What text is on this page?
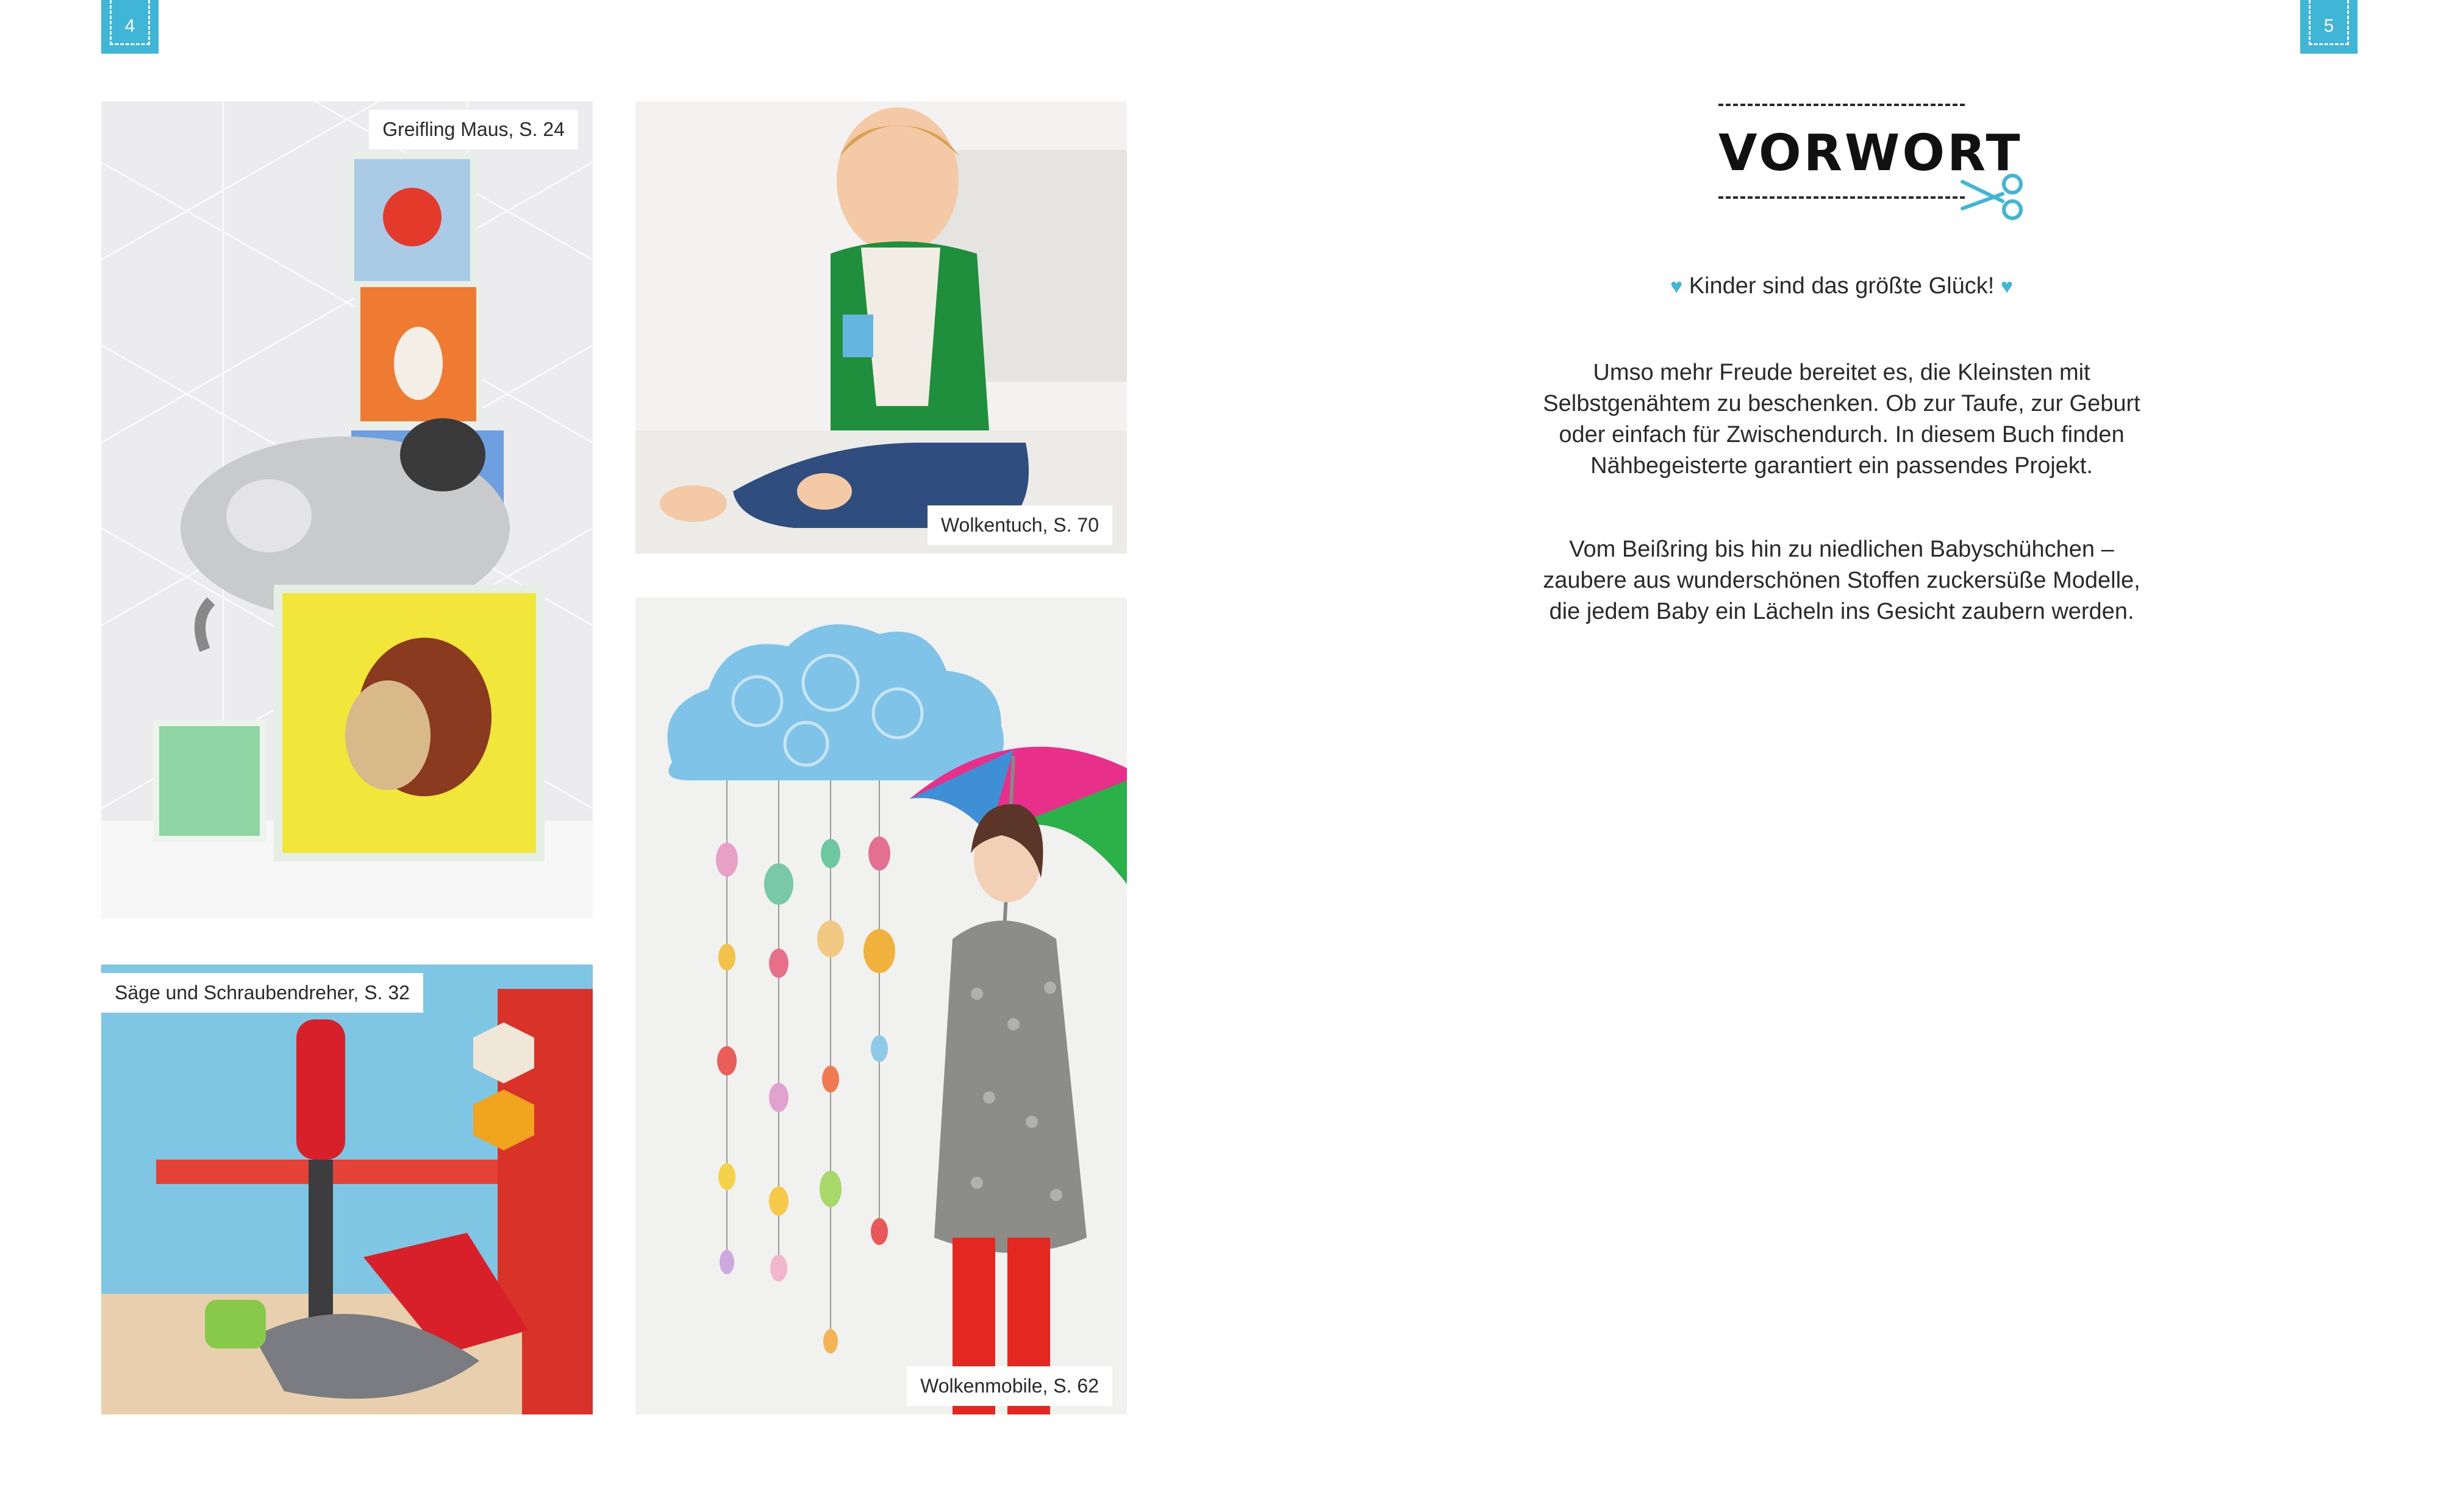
4	5
Greifling Maus, S. 24
Säge und Schraubendreher, S. 32
Wolkentuch, S. 70
Wolkenmobile, S. 62
VORWORT
♥ Kinder sind das größte Glück! ♥
Umso mehr Freude bereitet es, die Kleinsten mit
Selbstgenähtem zu beschenken. Ob zur Taufe, zur Geburt
oder einfach für Zwischendurch. In diesem Buch finden
Nähbegeisterte garantiert ein passendes Projekt.
Vom Beißring bis hin zu niedlichen Babyschühchen –
zaubere aus wunderschönen Stoffen zuckersüße Modelle,
die jedem Baby ein Lächeln ins Gesicht zaubern werden.
